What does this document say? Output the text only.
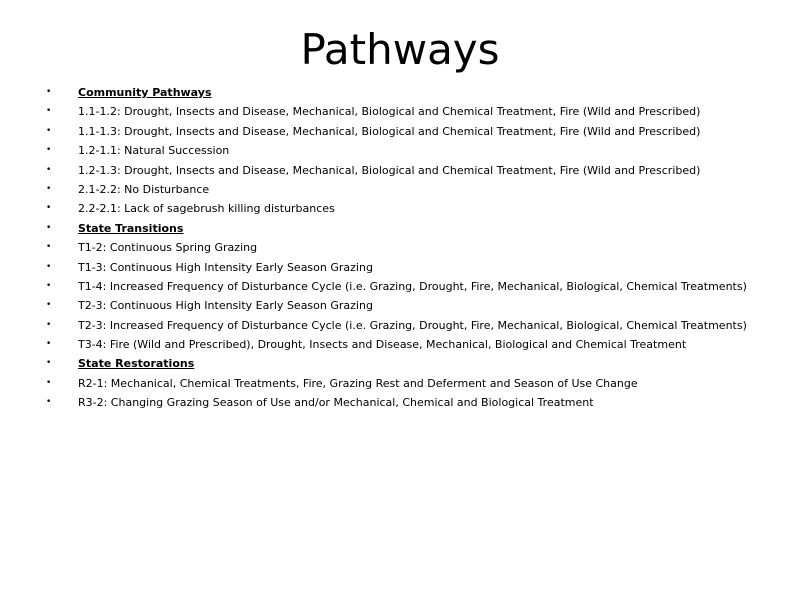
Pathways
• Community Pathways
• 1.1-1.2: Drought, Insects and Disease, Mechanical, Biological and Chemical Treatment, Fire (Wild and Prescribed)
• 1.1-1.3: Drought, Insects and Disease, Mechanical, Biological and Chemical Treatment, Fire (Wild and Prescribed)
• 1.2-1.1: Natural Succession
• 1.2-1.3: Drought, Insects and Disease, Mechanical, Biological and Chemical Treatment, Fire (Wild and Prescribed)
• 2.1-2.2: No Disturbance
• 2.2-2.1: Lack of sagebrush killing disturbances
• State Transitions
• T1-2: Continuous Spring Grazing
• T1-3: Continuous High Intensity Early Season Grazing
• T1-4: Increased Frequency of Disturbance Cycle (i.e. Grazing, Drought, Fire, Mechanical, Biological, Chemical Treatments)
• T2-3: Continuous High Intensity Early Season Grazing
• T2-3: Increased Frequency of Disturbance Cycle (i.e. Grazing, Drought, Fire, Mechanical, Biological, Chemical Treatments)
• T3-4: Fire (Wild and Prescribed), Drought, Insects and Disease, Mechanical, Biological and Chemical Treatment
• State Restorations
• R2-1: Mechanical, Chemical Treatments, Fire, Grazing Rest and Deferment and Season of Use Change
• R3-2: Changing Grazing Season of Use and/or Mechanical, Chemical and Biological Treatment
